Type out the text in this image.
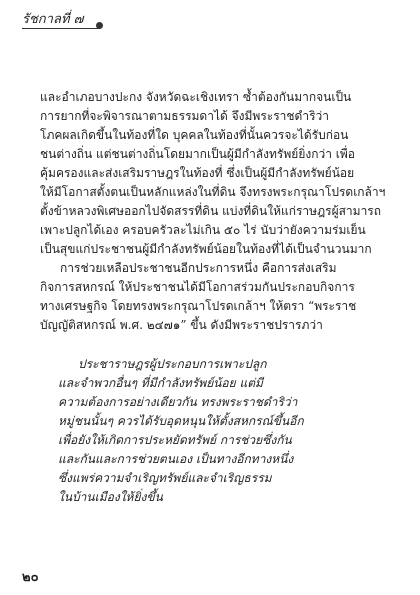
รัชกาลที่ ๗
และอำเภอบางปะกง จังหวัดฉะเชิงเทรา ซ้ำต้องกันมากจนเป็น
การยากที่จะพิจารณาตามธรรมดาได้ จึงมีพระราชดำริว่า
โภคผลเกิดขึ้นในท้องที่ใด บุคคลในท้องที่นั้นควรจะได้รับก่อน
ชนต่างถิ่น แต่ชนต่างถิ่นโดยมากเป็นผู้มีกำลังทรัพย์ยิ่งกว่า เพื่อ
คุ้มครองและส่งเสริมราษฎรในท้องที่ ซึ่งเป็นผู้มีกำลังทรัพย์น้อย
ให้มีโอกาสตั้งตนเป็นหลักแหล่งในที่ดิน จึงทรงพระกรุณาโปรดเกล้าฯ
ตั้งข้าหลวงพิเศษออกไปจัดสรรที่ดิน แบ่งที่ดินให้แก่ราษฎรผู้สามารถ
เพาะปลูกได้เอง ครอบครัวละไม่เกิน ๕๐ ไร่ นับว่ายังความร่มเย็น
เป็นสุขแก่ประชาชนผู้มีกำลังทรัพย์น้อยในท้องที่ได้เป็นจำนวนมาก
การช่วยเหลือประชาชนอีกประการหนึ่ง คือการส่งเสริม
กิจการสหกรณ์ ให้ประชาชนได้มีโอกาสร่วมกันประกอบกิจการ
ทางเศรษฐกิจ โดยทรงพระกรุณาโปรดเกล้าฯ ให้ตรา “พระราช
บัญญัติสหกรณ์ พ.ศ. ๒๔๗๑” ขึ้น ดังมีพระราชปรารภว่า
ประชาราษฎรผู้ประกอบการเพาะปลูก
และจำพวกอื่นๆ ที่มีกำลังทรัพย์น้อย แต่มี
ความต้องการอย่างเดียวกัน ทรงพระราชดำริว่า
หมู่ชนนั้นๆ ควรได้รับอุดหนุนให้ตั้งสหกรณ์ขึ้นอีก
เพื่อยังให้เกิดการประหยัดทรัพย์ การช่วยซึ่งกัน
และกันและการช่วยตนเอง เป็นทางอีกทางหนึ่ง
ซึ่งแพร่ความจำเริญทรัพย์และจำเริญธรรม
ในบ้านเมืองให้ยิ่งขึ้น
๒๐
